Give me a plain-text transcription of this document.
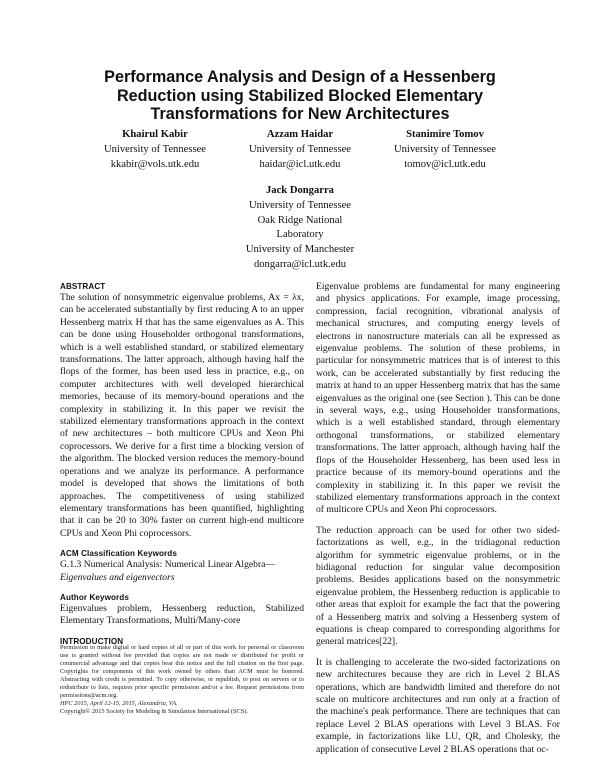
Performance Analysis and Design of a Hessenberg
Reduction using Stabilized Blocked Elementary
Transformations for New Architectures
Khairul Kabir
University of Tennessee
kkabir@vols.utk.edu
Azzam Haidar
University of Tennessee
haidar@icl.utk.edu
Stanimire Tomov
University of Tennessee
tomov@icl.utk.edu
Jack Dongarra
University of Tennessee
Oak Ridge National
Laboratory
University of Manchester
dongarra@icl.utk.edu

ABSTRACT

The solution of nonsymmetric eigenvalue problems, Ax = λx, can be accelerated substantially by first reducing A to an upper Hessenberg matrix H that has the same eigenvalues as A. This can be done using Householder orthogonal transformations, which is a well established standard, or stabilized elementary transformations. The latter approach, although having half the flops of the former, has been used less in practice, e.g., on computer architectures with well developed hierarchical memories, because of its memory-bound operations and the complexity in stabilizing it. In this paper we revisit the stabilized elementary transformations approach in the context of new architectures – both multicore CPUs and Xeon Phi coprocessors. We derive for a first time a blocking version of the algorithm. The blocked version reduces the memory-bound operations and we analyze its performance. A performance model is developed that shows the limitations of both approaches. The competitiveness of using stabilized elementary transformations has been quantified, highlighting that it can be 20 to 30% faster on current high-end multicore CPUs and Xeon Phi coprocessors.

ACM Classification Keywords

G.1.3 Numerical Analysis: Numerical Linear Algebra—
Eigenvalues and eigenvectors

Author Keywords

Eigenvalues problem, Hessenberg reduction, Stabilized Elementary Transformations, Multi/Many-core

INTRODUCTION

Permission to make digital or hard copies of all or part of this work for personal or classroom use is granted without fee provided that copies are not made or distributed for profit or commercial advantage and that copies bear this notice and the full citation on the first page. Copyrights for components of this work owned by others than ACM must be honored. Abstracting with credit is permitted. To copy otherwise, or republish, to post on servers or to redistribute to lists, requires prior specific permission and/or a fee. Request permissions from permissions@acm.org.

HPC 2015, April 12-15, 2015, Alexandria, VA.

Copyright© 2015 Society for Modeling & Simulation International (SCS).

Eigenvalue problems are fundamental for many engineering and physics applications. For example, image processing, compression, facial recognition, vibrational analysis of mechanical structures, and computing energy levels of electrons in nanostructure materials can all be expressed as eigenvalue problems. The solution of these problems, in particular for nonsymmetric matrices that is of interest to this work, can be accelerated substantially by first reducing the matrix at hand to an upper Hessenberg matrix that has the same eigenvalues as the original one (see Section ). This can be done in several ways, e.g., using Householder transformations, which is a well established standard, through elementary orthogonal transformations, or stabilized elementary transformations. The latter approach, although having half the flops of the Householder Hessenberg, has been used less in practice because of its memory-bound operations and the complexity in stabilizing it. In this paper we revisit the stabilized elementary transformations approach in the context of multicore CPUs and Xeon Phi coprocessors.

The reduction approach can be used for other two sided-factorizations as well, e.g., in the tridiagonal reduction algorithm for symmetric eigenvalue problems, or in the bidiagonal reduction for singular value decomposition problems. Besides applications based on the nonsymmetric eigenvalue problem, the Hessenberg reduction is applicable to other areas that exploit for example the fact that the powering of a Hessenberg matrix and solving a Hessenberg system of equations is cheap compared to corresponding algorithms for general matrices[22].

It is challenging to accelerate the two-sided factorizations on new architectures because they are rich in Level 2 BLAS operations, which are bandwidth limited and therefore do not scale on multicore architectures and run only at a fraction of the machine's peak performance. There are techniques that can replace Level 2 BLAS operations with Level 3 BLAS. For example, in factorizations like LU, QR, and Cholesky, the application of consecutive Level 2 BLAS operations that oc-
